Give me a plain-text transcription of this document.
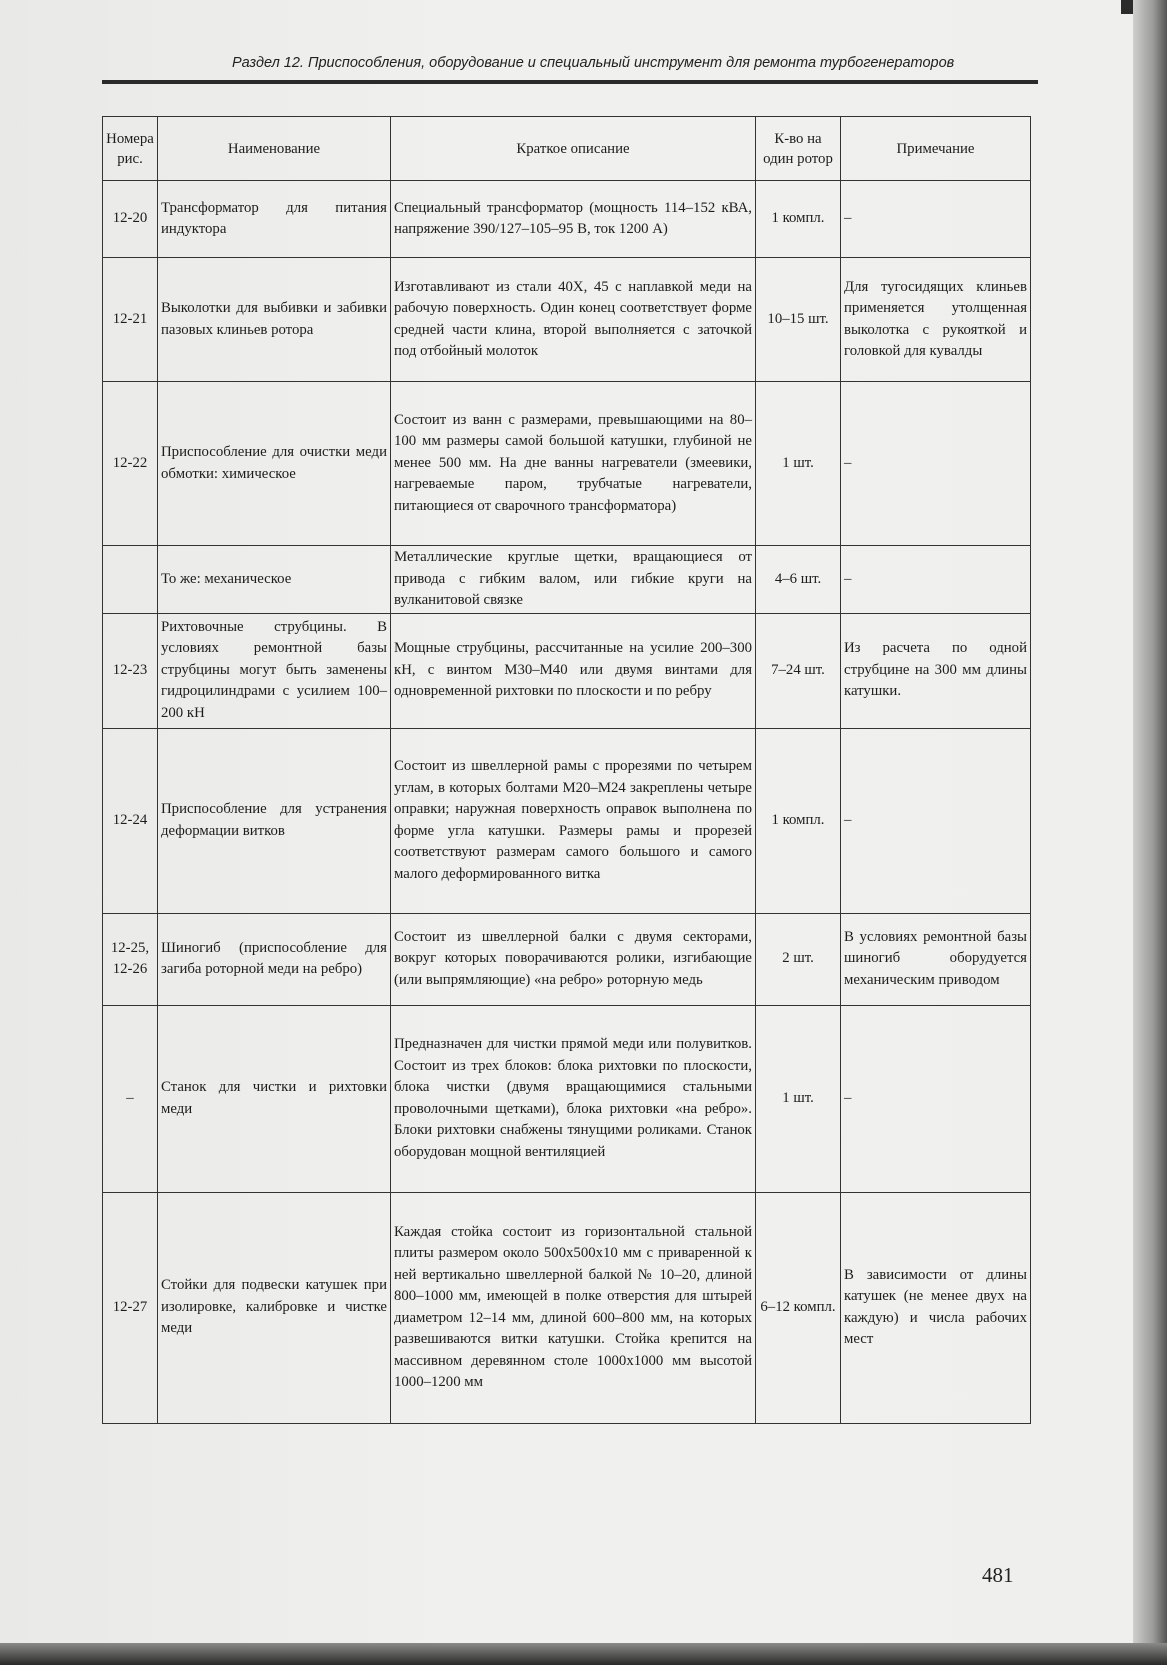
Раздел 12. Приспособления, оборудование и специальный инструмент для ремонта турбогенераторов
Номера рис.	Наименование	Краткое описание	К-во на один ротор	Примечание
12-20	Трансформатор для питания индуктора	Специальный трансформатор (мощность 114–152 кВА, напряжение 390/127–105–95 В, ток 1200 А)	1 компл.	–
12-21	Выколотки для выбивки и забивки пазовых клиньев ротора	Изготавливают из стали 40Х, 45 с наплавкой меди на рабочую поверхность. Один конец соответствует форме средней части клина, второй выполняется с заточкой под отбойный молоток	10–15 шт.	Для тугосидящих клиньев применяется утолщенная выколотка с рукояткой и головкой для кувалды
12-22	Приспособление для очистки меди обмотки: химическое	Состоит из ванн с размерами, превышающими на 80–100 мм размеры самой большой катушки, глубиной не менее 500 мм. На дне ванны нагреватели (змеевики, нагреваемые паром, трубчатые нагреватели, питающиеся от сварочного трансформатора)	1 шт.	–
	То же: механическое	Металлические круглые щетки, вращающиеся от привода с гибким валом, или гибкие круги на вулканитовой связке	4–6 шт.	–
12-23	Рихтовочные струбцины. В условиях ремонтной базы струбцины могут быть заменены гидроцилиндрами с усилием 100–200 кН	Мощные струбцины, рассчитанные на усилие 200–300 кН, с винтом М30–М40 или двумя винтами для одновременной рихтовки по плоскости и по ребру	7–24 шт.	Из расчета по одной струбцине на 300 мм длины катушки.
12-24	Приспособление для устранения деформации витков	Состоит из швеллерной рамы с прорезями по четырем углам, в которых болтами М20–М24 закреплены четыре оправки; наружная поверхность оправок выполнена по форме угла катушки. Размеры рамы и прорезей соответствуют размерам самого большого и самого малого деформированного витка	1 компл.	–
12-25, 12-26	Шиногиб (приспособление для загиба роторной меди на ребро)	Состоит из швеллерной балки с двумя секторами, вокруг которых поворачиваются ролики, изгибающие (или выпрямляющие) «на ребро» роторную медь	2 шт.	В условиях ремонтной базы шиногиб оборудуется механическим приводом
–	Станок для чистки и рихтовки меди	Предназначен для чистки прямой меди или полувитков. Состоит из трех блоков: блока рихтовки по плоскости, блока чистки (двумя вращающимися стальными проволочными щетками), блока рихтовки «на ребро». Блоки рихтовки снабжены тянущими роликами. Станок оборудован мощной вентиляцией	1 шт.	–
12-27	Стойки для подвески катушек при изолировке, калибровке и чистке меди	Каждая стойка состоит из горизонтальной стальной плиты размером около 500х500х10 мм с приваренной к ней вертикально швеллерной балкой № 10–20, длиной 800–1000 мм, имеющей в полке отверстия для штырей диаметром 12–14 мм, длиной 600–800 мм, на которых развешиваются витки катушки. Стойка крепится на массивном деревянном столе 1000х1000 мм высотой 1000–1200 мм	6–12 компл.	В зависимости от длины катушек (не менее двух на каждую) и числа рабочих мест
481
